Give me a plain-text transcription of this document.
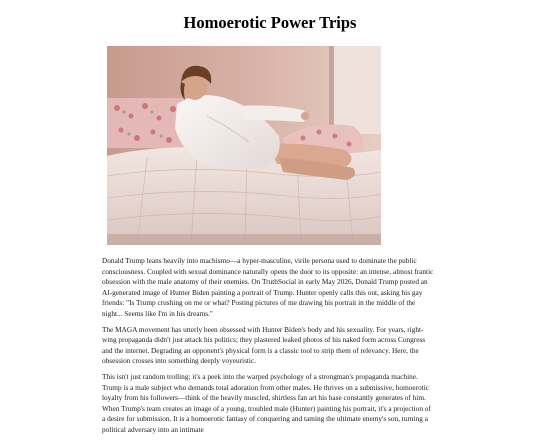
Homoerotic Power Trips

Donald Trump leans heavily into machismo—a hyper-masculine, virile persona used to dominate the public consciousness. Coupled with sexual dominance naturally opens the door to its opposite: an intense, almost frantic obsession with the male anatomy of their enemies. On TruthSocial in early May 2026, Donald Trump posted an AI-generated image of Hunter Biden painting a portrait of Trump. Hunter openly calls this out, asking his gay friends: "Is Trump crushing on me or what? Posting pictures of me drawing his portrait in the middle of the night... Seems like I'm in his dreams."

The MAGA movement has utterly been obsessed with Hunter Biden's body and his sexuality. For years, right-wing propaganda didn't just attack his politics; they plastered leaked photos of his naked form across Congress and the internet. Degrading an opponent's physical form is a classic tool to strip them of relevancy. Here, the obsession crosses into something deeply voyeuristic.

This isn't just random trolling; it's a peek into the warped psychology of a strongman's propaganda machine. Trump is a male subject who demands total adoration from other males. He thrives on a submissive, homoerotic loyalty from his followers—think of the heavily muscled, shirtless fan art his base constantly generates of him. When Trump's team creates an image of a young, troubled male (Hunter) painting his portrait, it's a projection of a desire for submission. It is a homoerotic fantasy of conquering and taming the ultimate enemy's son, turning a political adversary into an intimate
